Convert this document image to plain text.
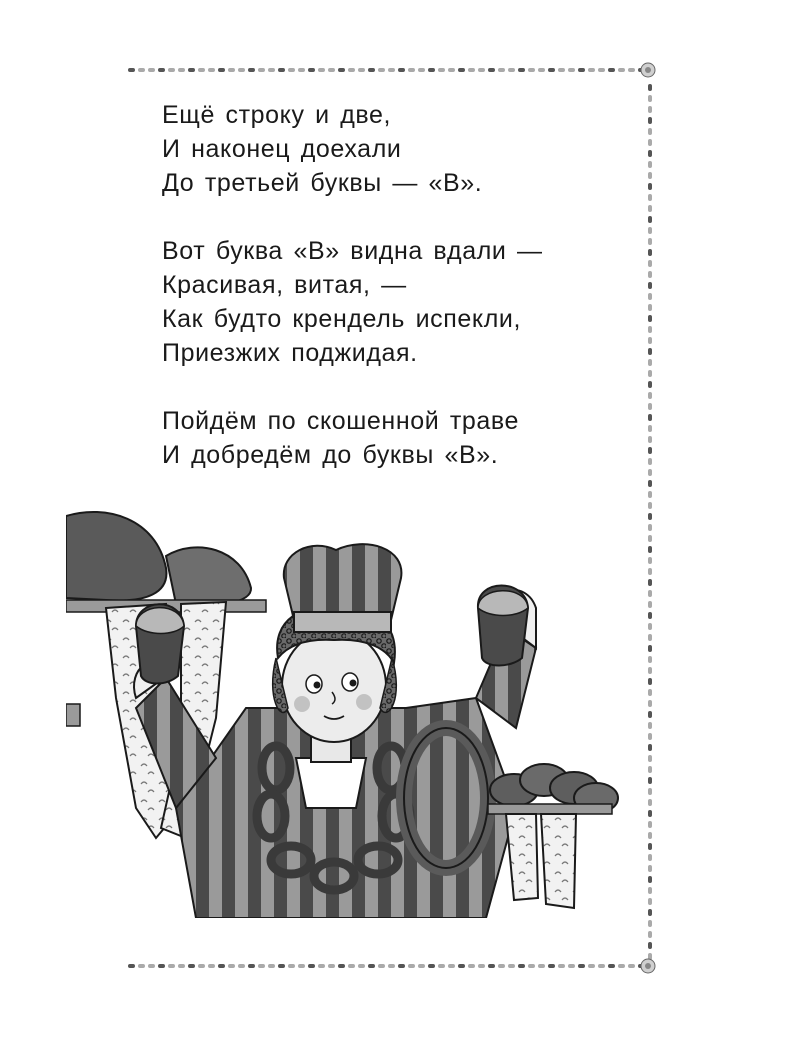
Ещё строку и две,
И наконец доехали
До третьей буквы — «В».
Вот буква «В» видна вдали —
Красивая, витая, —
Как будто крендель испекли,
Приезжих поджидая.
Пойдём по скошенной траве
И добредём до буквы «В».
